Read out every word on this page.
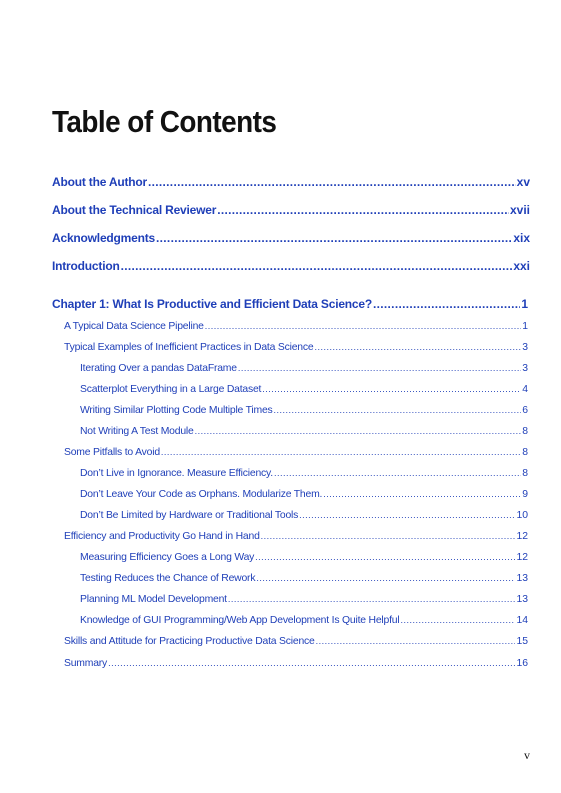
Table of Contents
About the Author .....	xv
About the Technical Reviewer .....	xvii
Acknowledgments .....	xix
Introduction .....	xxi
Chapter 1: What Is Productive and Efficient Data Science? .....	1
A Typical Data Science Pipeline .....	1
Typical Examples of Inefficient Practices in Data Science .....	3
Iterating Over a pandas DataFrame .....	3
Scatterplot Everything in a Large Dataset .....	4
Writing Similar Plotting Code Multiple Times .....	6
Not Writing A Test Module .....	8
Some Pitfalls to Avoid .....	8
Don’t Live in Ignorance. Measure Efficiency. .....	8
Don’t Leave Your Code as Orphans. Modularize Them. .....	9
Don’t Be Limited by Hardware or Traditional Tools .....	10
Efficiency and Productivity Go Hand in Hand .....	12
Measuring Efficiency Goes a Long Way .....	12
Testing Reduces the Chance of Rework .....	13
Planning ML Model Development .....	13
Knowledge of GUI Programming/Web App Development Is Quite Helpful .....	14
Skills and Attitude for Practicing Productive Data Science .....	15
Summary .....	16
v
